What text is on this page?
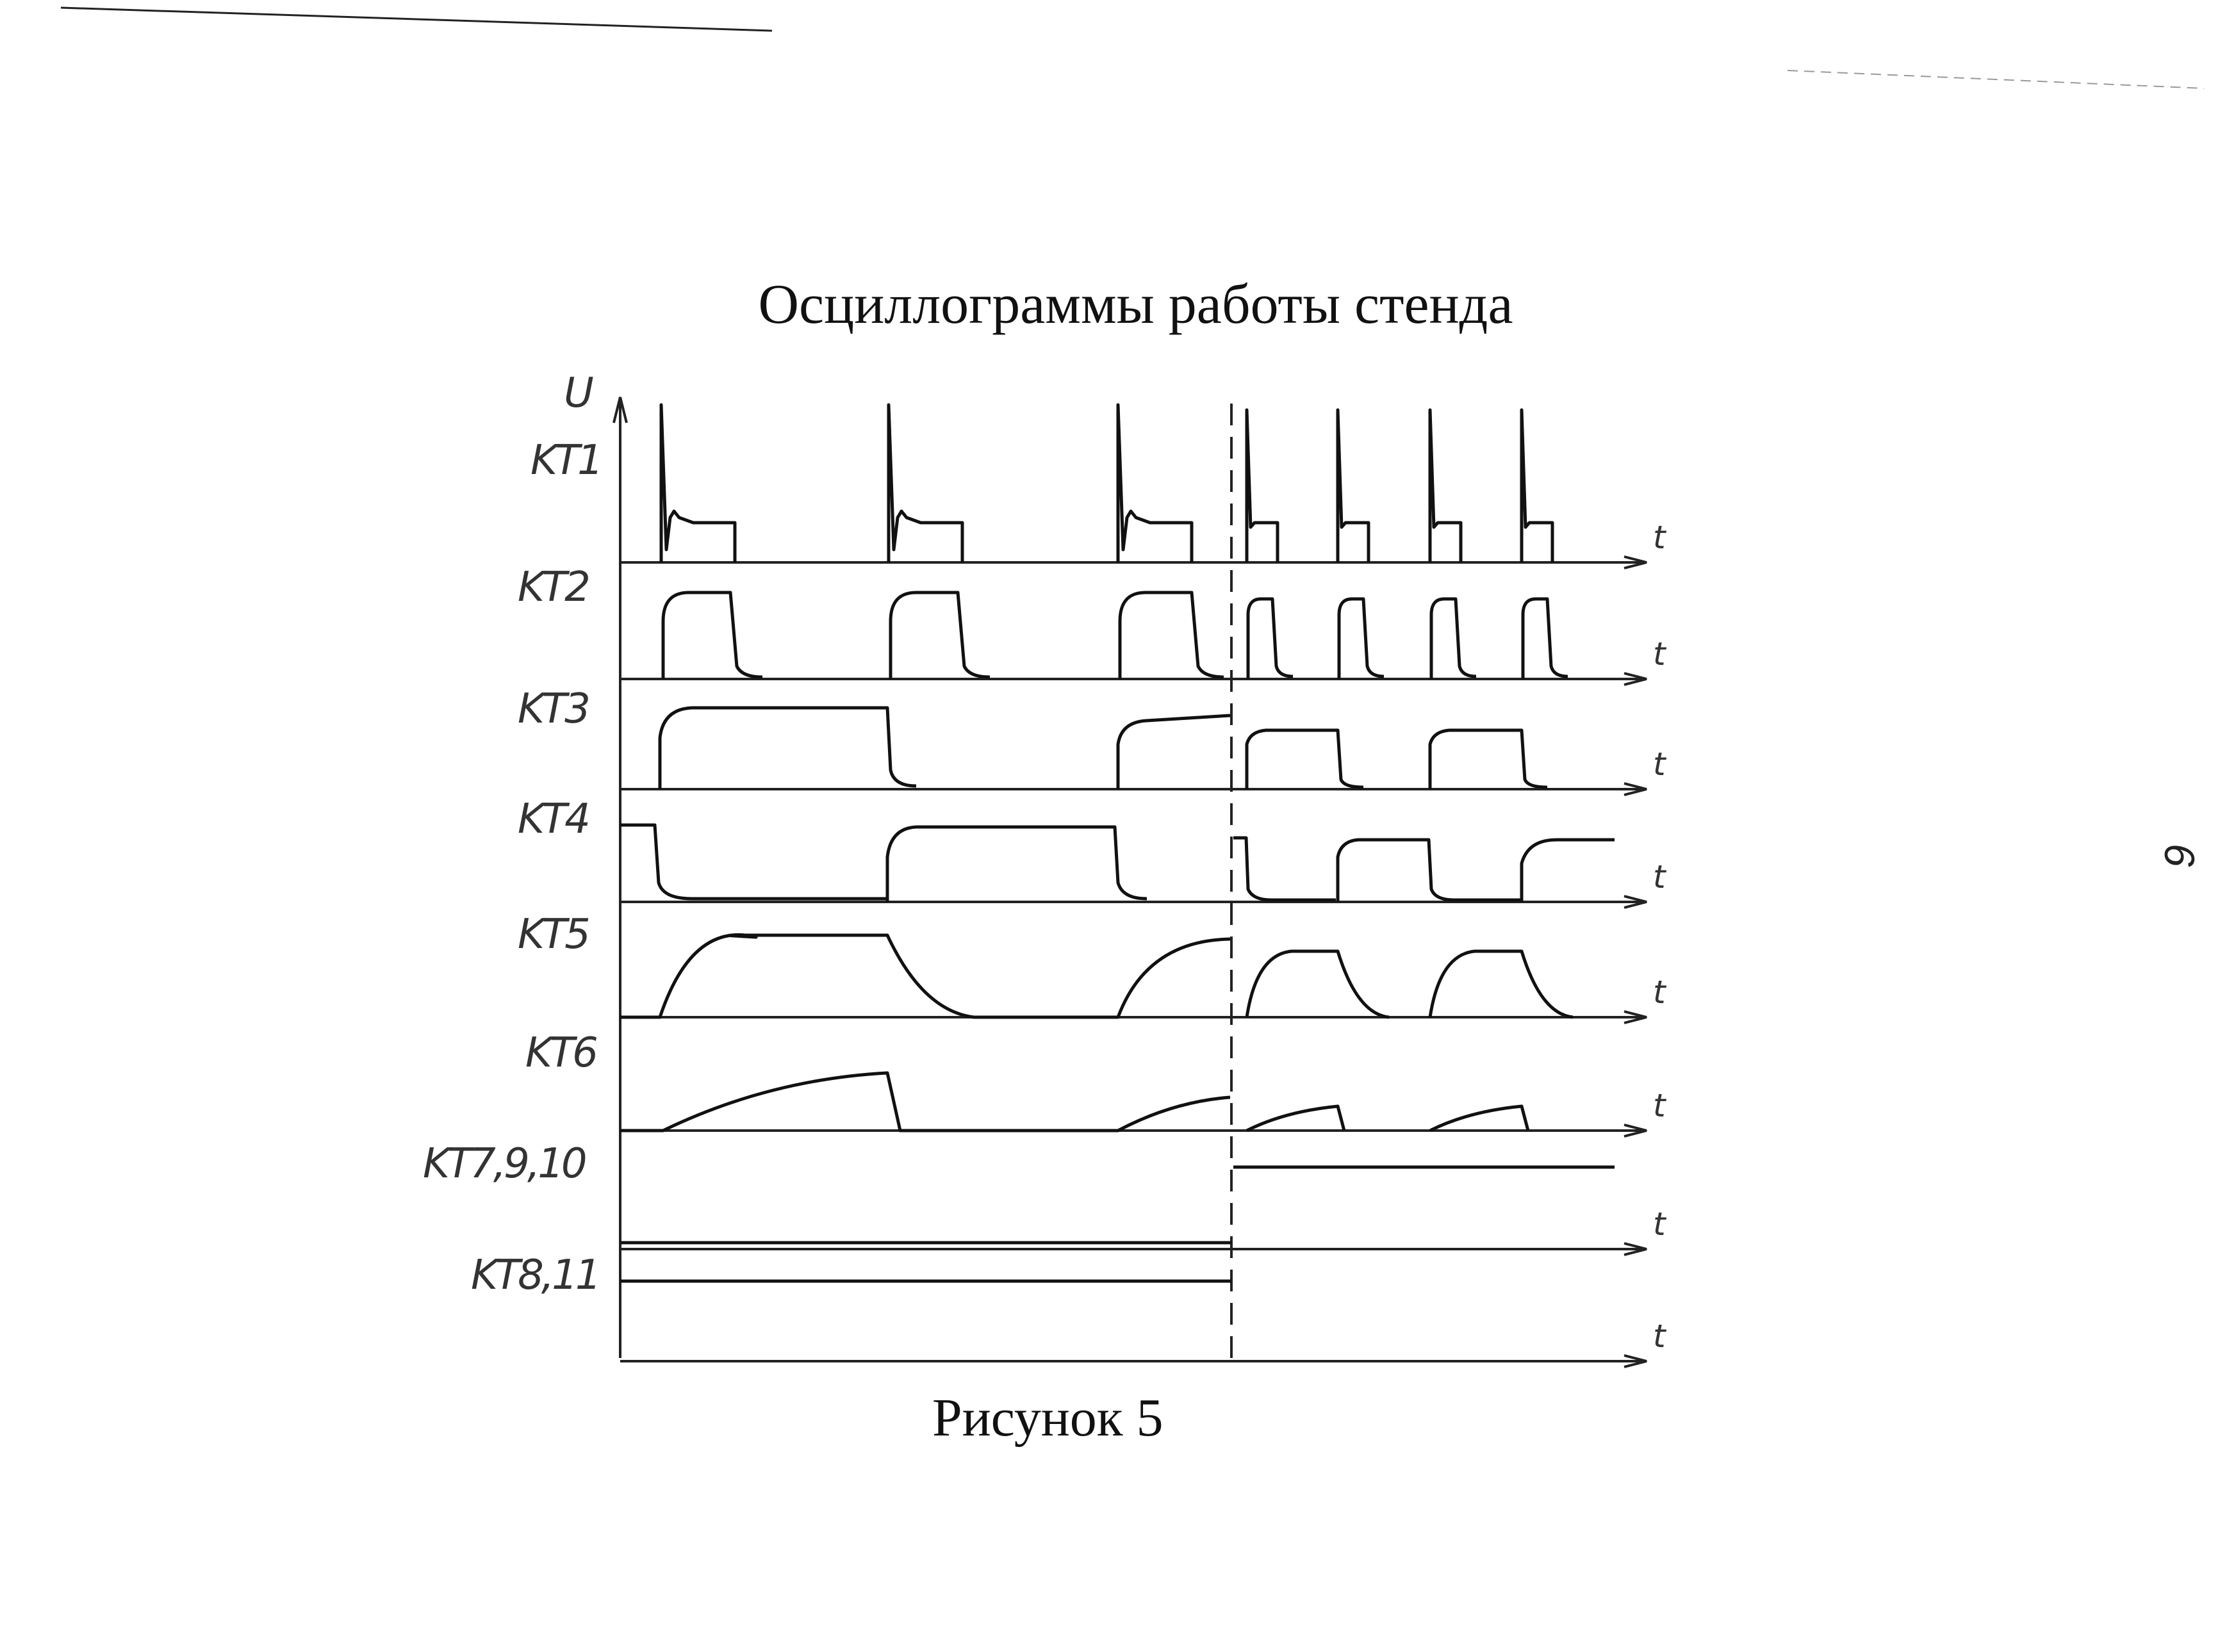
Осциллограммы работы стенда
U
t
t
t
t
t
t
t
t
KT1
KT2
KT3
KT4
KT5
KT6
KT7,9,10
KT8,11
Рисунок 5
6
